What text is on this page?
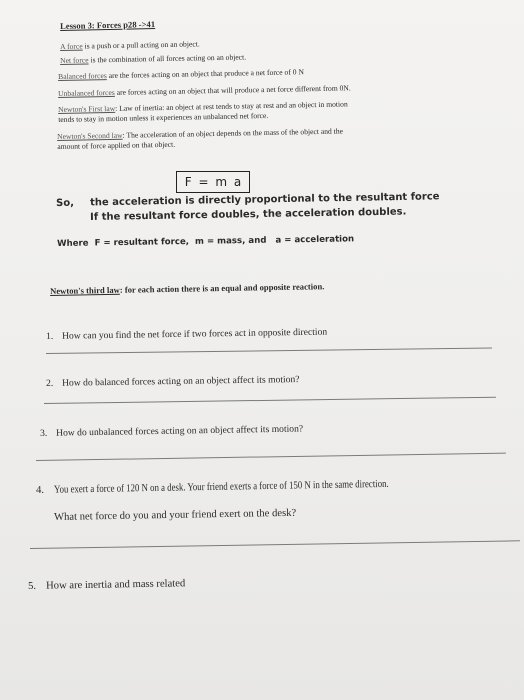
Lesson 3: Forces p28 ->41
A force is a push or a pull acting on an object.
Net force is the combination of all forces acting on an object.
Balanced forces are the forces acting on an object that produce a net force of 0 N
Unbalanced forces are forces acting on an object that will produce a net force different from 0N.
Newton's First law: Law of inertia: an object at rest tends to stay at rest and an object in motion
tends to stay in motion unless it experiences an unbalanced net force.
Newton's Second law: The acceleration of an object depends on the mass of the object and the
amount of force applied on that object.
F = m a
So, the acceleration is directly proportional to the resultant force
If the resultant force doubles, the acceleration doubles.
Where  F = resultant force,  m = mass, and   a = acceleration
Newton's third law: for each action there is an equal and opposite reaction.
1. How can you find the net force if two forces act in opposite direction
2. How do balanced forces acting on an object affect its motion?
3. How do unbalanced forces acting on an object affect its motion?
4. You exert a force of 120 N on a desk. Your friend exerts a force of 150 N in the same direction.
What net force do you and your friend exert on the desk?
5. How are inertia and mass related
